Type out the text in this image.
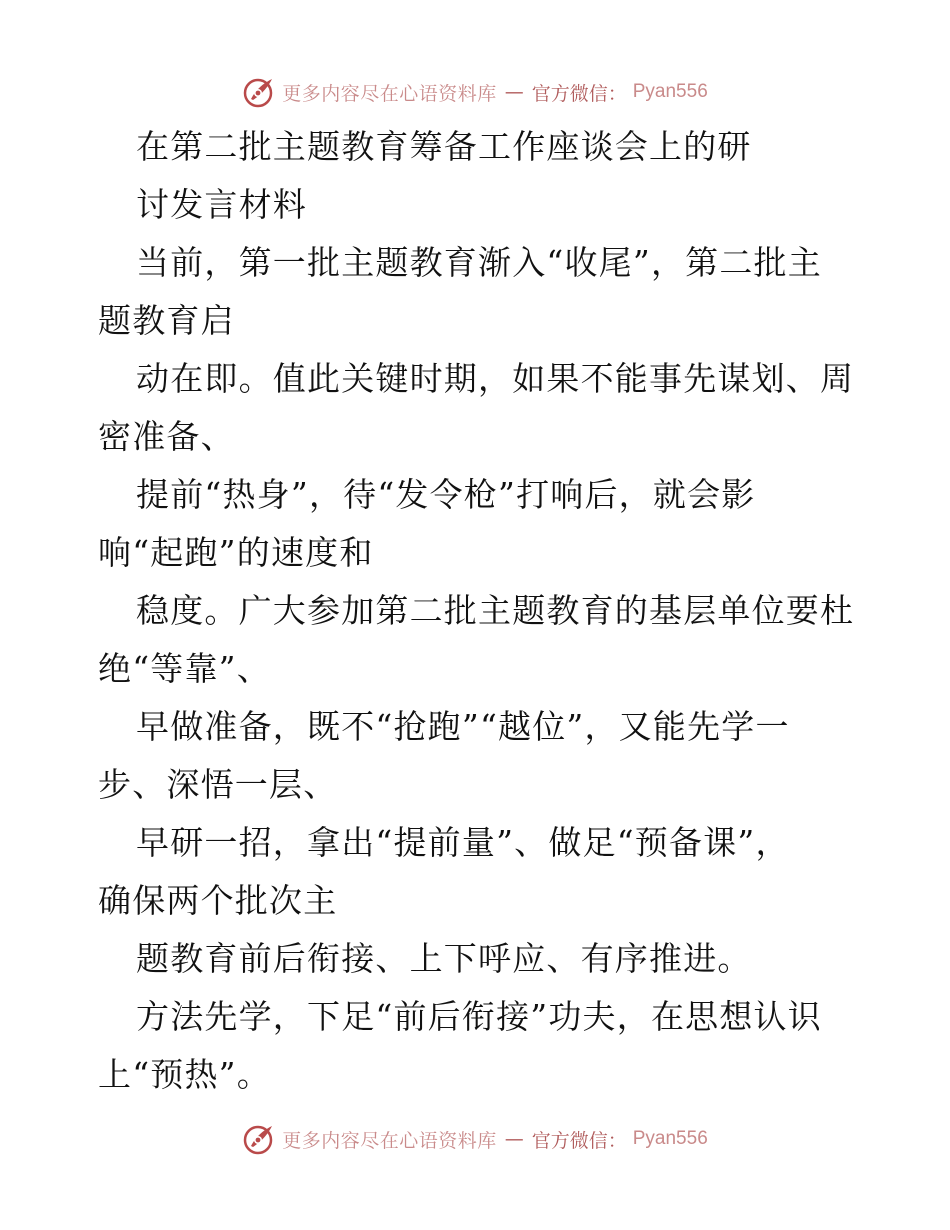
更多内容尽在心语资料库 — 官方微信： Pyan556
在第二批主题教育筹备工作座谈会上的研
讨发言材料
当前，第一批主题教育渐入“收尾”，第二批主
题教育启
动在即。值此关键时期，如果不能事先谋划、周
密准备、
提前“热身”，待“发令枪”打响后，就会影
响“起跑”的速度和
稳度。广大参加第二批主题教育的基层单位要杜
绝“等靠”、
早做准备，既不“抢跑”“越位”，又能先学一
步、深悟一层、
早研一招，拿出“提前量”、做足“预备课”，
确保两个批次主
题教育前后衔接、上下呼应、有序推进。
方法先学，下足“前后衔接”功夫，在思想认识
上“预热”。
更多内容尽在心语资料库 — 官方微信： Pyan556
